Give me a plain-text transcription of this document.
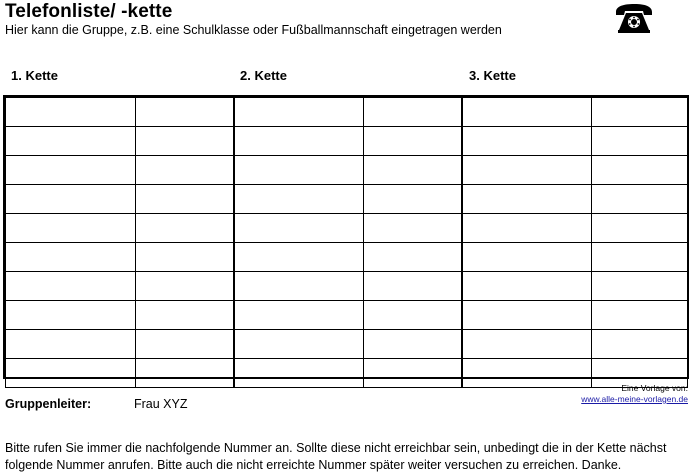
Telefonliste/ -kette
Hier kann die Gruppe, z.B. eine Schulklasse oder Fußballmannschaft eingetragen werden
1. Kette	2. Kette	3. Kette

Eine Vorlage von:
www.alle-meine-vorlagen.de
Gruppenleiter:	Frau XYZ
Bitte rufen Sie immer die nachfolgende Nummer an. Sollte diese nicht erreichbar sein, unbedingt die in der Kette nächst folgende Nummer anrufen. Bitte auch die nicht erreichte Nummer später weiter versuchen zu erreichen. Danke.
